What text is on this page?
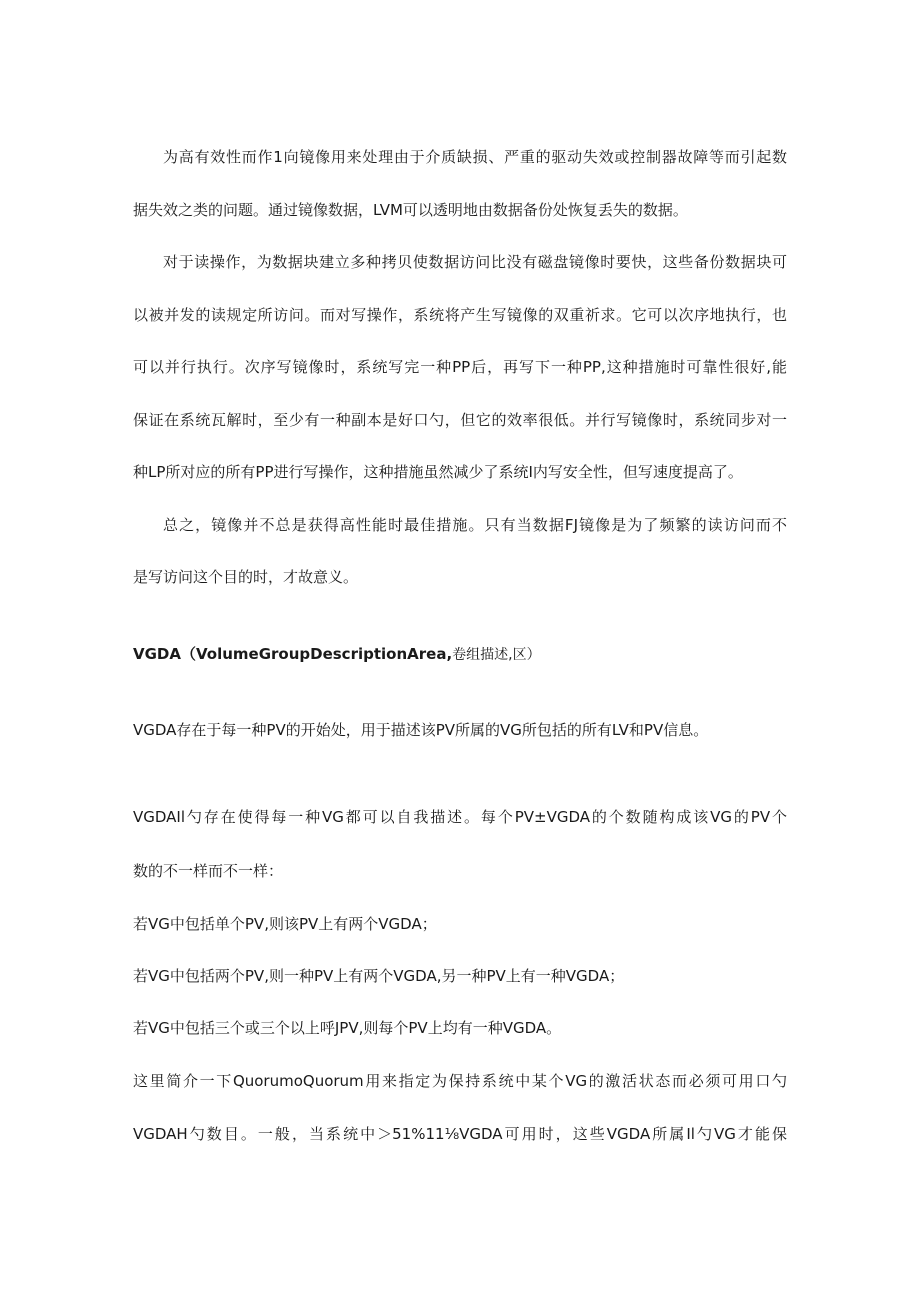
为高有效性而作1向镜像用来处理由于介质缺损、严重的驱动失效或控制器故障等而引起数
据失效之类的问题。通过镜像数据，LVM可以透明地由数据备份处恢复丢失的数据。
对于读操作，为数据块建立多种拷贝使数据访问比没有磁盘镜像时要快，这些备份数据块可
以被并发的读规定所访问。而对写操作，系统将产生写镜像的双重祈求。它可以次序地执行，也
可以并行执行。次序写镜像时，系统写完一种PP后，再写下一种PP,这种措施时可靠性很好,能
保证在系统瓦解时，至少有一种副本是好口勺，但它的效率很低。并行写镜像时，系统同步对一
种LP所对应的所有PP进行写操作，这种措施虽然减少了系统I内写安全性，但写速度提高了。
总之，镜像并不总是获得高性能时最佳措施。只有当数据FJ镜像是为了频繁的读访问而不
是写访问这个目的时，才故意义。
VGDA（VolumeGroupDescriptionArea,卷组描述,区）
VGDA存在于每一种PV的开始处，用于描述该PV所属的VG所包括的所有LV和PV信息。
VGDAIl勺存在使得每一种VG都可以自我描述。每个PV±VGDA的个数随构成该VG的PV个
数的不一样而不一样：
若VG中包括单个PV,则该PV上有两个VGDA；
若VG中包括两个PV,则一种PV上有两个VGDA,另一种PV上有一种VGDA；
若VG中包括三个或三个以上呼JPV,则每个PV上均有一种VGDA。
这里简介一下QuorumoQuorum用来指定为保持系统中某个VG的激活状态而必须可用口勺
VGDAH勺数目。一般，当系统中＞51%11⅛VGDA可用时，这些VGDA所属Il勺VG才能保
